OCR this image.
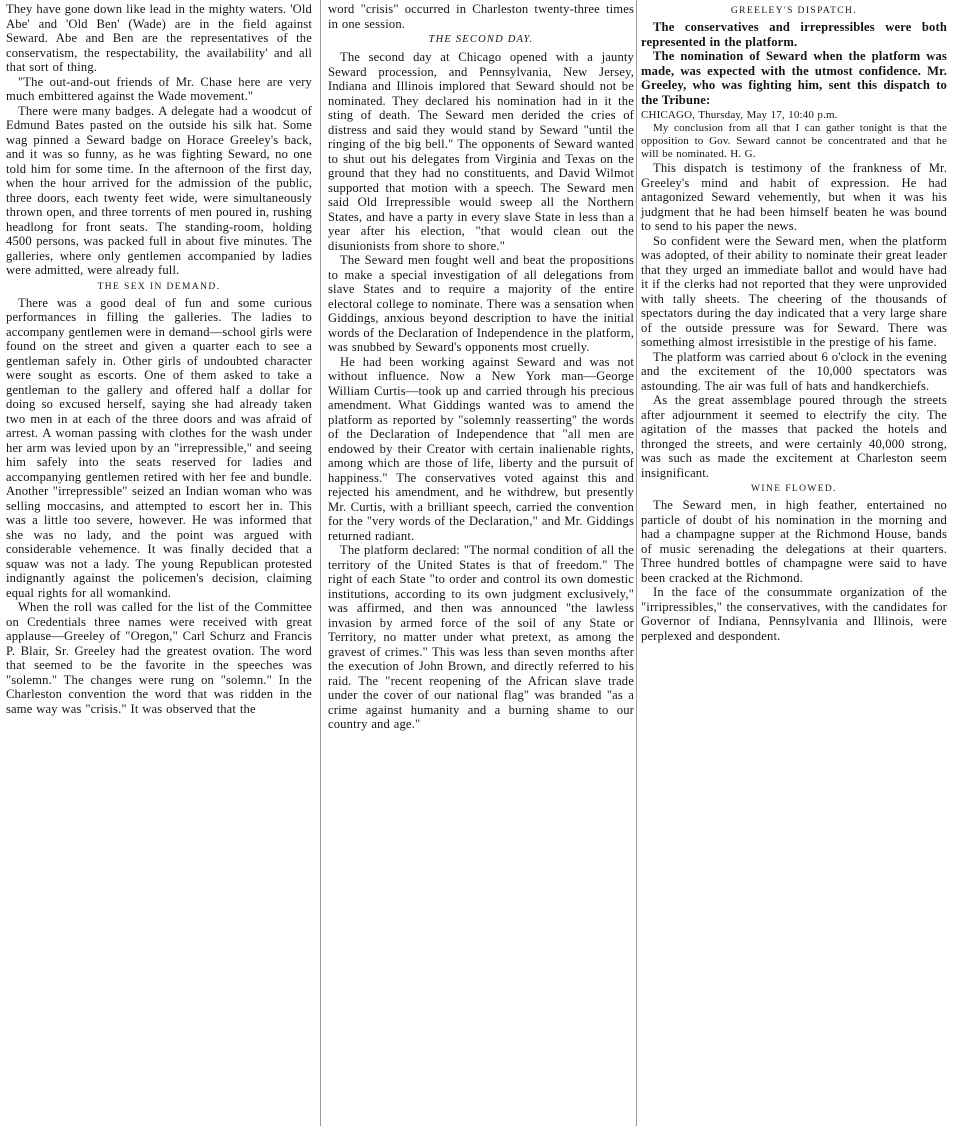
They have gone down like lead in the mighty waters. 'Old Abe' and 'Old Ben' (Wade) are in the field against Seward. Abe and Ben are the representatives of the conservatism, the respectability, the availability' and all that sort of thing.

"The out-and-out friends of Mr. Chase here are very much embittered against the Wade movement."

There were many badges. A delegate had a woodcut of Edmund Bates pasted on the outside his silk hat. Some wag pinned a Seward badge on Horace Greeley's back, and it was so funny, as he was fighting Seward, no one told him for some time. In the afternoon of the first day, when the hour arrived for the admission of the public, three doors, each twenty feet wide, were simultaneously thrown open, and three torrents of men poured in, rushing headlong for front seats. The standing-room, holding 4500 persons, was packed full in about five minutes. The galleries, where only gentlemen accompanied by ladies were admitted, were already full.

THE SEX IN DEMAND.

There was a good deal of fun and some curious performances in filling the galleries. The ladies to accompany gentlemen were in demand—school girls were found on the street and given a quarter each to see a gentleman safely in. Other girls of undoubted character were sought as escorts. One of them asked to take a gentleman to the gallery and offered half a dollar for doing so excused herself, saying she had already taken two men in at each of the three doors and was afraid of arrest. A woman passing with clothes for the wash under her arm was levied upon by an "irrepressible," and seeing him safely into the seats reserved for ladies and accompanying gentlemen retired with her fee and bundle. Another "irrepressible" seized an Indian woman who was selling moccasins, and attempted to escort her in. This was a little too severe, however. He was informed that she was no lady, and the point was argued with considerable vehemence. It was finally decided that a squaw was not a lady. The young Republican protested indignantly against the policemen's decision, claiming equal rights for all womankind.

When the roll was called for the list of the Committee on Credentials three names were received with great applause—Greeley of "Oregon," Carl Schurz and Francis P. Blair, Sr. Greeley had the greatest ovation. The word that seemed to be the favorite in the speeches was "solemn." The changes were rung on "solemn." In the Charleston convention the word that was ridden in the same way was "crisis." It was observed that the

word "crisis" occurred in Charleston twenty-three times in one session.

THE SECOND DAY.

The second day at Chicago opened with a jaunty Seward procession, and Pennsylvania, New Jersey, Indiana and Illinois implored that Seward should not be nominated. They declared his nomination had in it the sting of death. The Seward men derided the cries of distress and said they would stand by Seward "until the ringing of the big bell." The opponents of Seward wanted to shut out his delegates from Virginia and Texas on the ground that they had no constituents, and David Wilmot supported that motion with a speech. The Seward men said Old Irrepressible would sweep all the Northern States, and have a party in every slave State in less than a year after his election, "that would clean out the disunionists from shore to shore."

The Seward men fought well and beat the propositions to make a special investigation of all delegations from slave States and to require a majority of the entire electoral college to nominate. There was a sensation when Giddings, anxious beyond description to have the initial words of the Declaration of Independence in the platform, was snubbed by Seward's opponents most cruelly.

He had been working against Seward and was not without influence. Now a New York man—George William Curtis—took up and carried through his precious amendment. What Giddings wanted was to amend the platform as reported by "solemnly reasserting" the words of the Declaration of Independence that "all men are endowed by their Creator with certain inalienable rights, among which are those of life, liberty and the pursuit of happiness." The conservatives voted against this and rejected his amendment, and he withdrew, but presently Mr. Curtis, with a brilliant speech, carried the convention for the "very words of the Declaration," and Mr. Giddings returned radiant.

The platform declared: "The normal condition of all the territory of the United States is that of freedom." The right of each State "to order and control its own domestic institutions, according to its own judgment exclusively," was affirmed, and then was announced "the lawless invasion by armed force of the soil of any State or Territory, no matter under what pretext, as among the gravest of crimes." This was less than seven months after the execution of John Brown, and directly referred to his raid. The "recent reopening of the African slave trade under the cover of our national flag" was branded "as a crime against humanity and a burning shame to our country and age."

GREELEY'S DISPATCH.

The conservatives and irrepressibles were both represented in the platform.

The nomination of Seward when the platform was made, was expected with the utmost confidence. Mr. Greeley, who was fighting him, sent this dispatch to the Tribune:

CHICAGO, Thursday, May 17, 10:40 p.m.

My conclusion from all that I can gather tonight is that the opposition to Gov. Seward cannot be concentrated and that he will be nominated. H. G.

This dispatch is testimony of the frankness of Mr. Greeley's mind and habit of expression. He had antagonized Seward vehemently, but when it was his judgment that he had been himself beaten he was bound to send to his paper the news.

So confident were the Seward men, when the platform was adopted, of their ability to nominate their great leader that they urged an immediate ballot and would have had it if the clerks had not reported that they were unprovided with tally sheets. The cheering of the thousands of spectators during the day indicated that a very large share of the outside pressure was for Seward. There was something almost irresistible in the prestige of his fame.

The platform was carried about 6 o'clock in the evening and the excitement of the 10,000 spectators was astounding. The air was full of hats and handkerchiefs.

As the great assemblage poured through the streets after adjournment it seemed to electrify the city. The agitation of the masses that packed the hotels and thronged the streets, and were certainly 40,000 strong, was such as made the excitement at Charleston seem insignificant.

WINE FLOWED.

The Seward men, in high feather, entertained no particle of doubt of his nomination in the morning and had a champagne supper at the Richmond House, bands of music serenading the delegations at their quarters. Three hundred bottles of champagne were said to have been cracked at the Richmond.

In the face of the consummate organization of the "irripressibles," the conservatives, with the candidates for Governor of Indiana, Pennsylvania and Illinois, were perplexed and despondent.
